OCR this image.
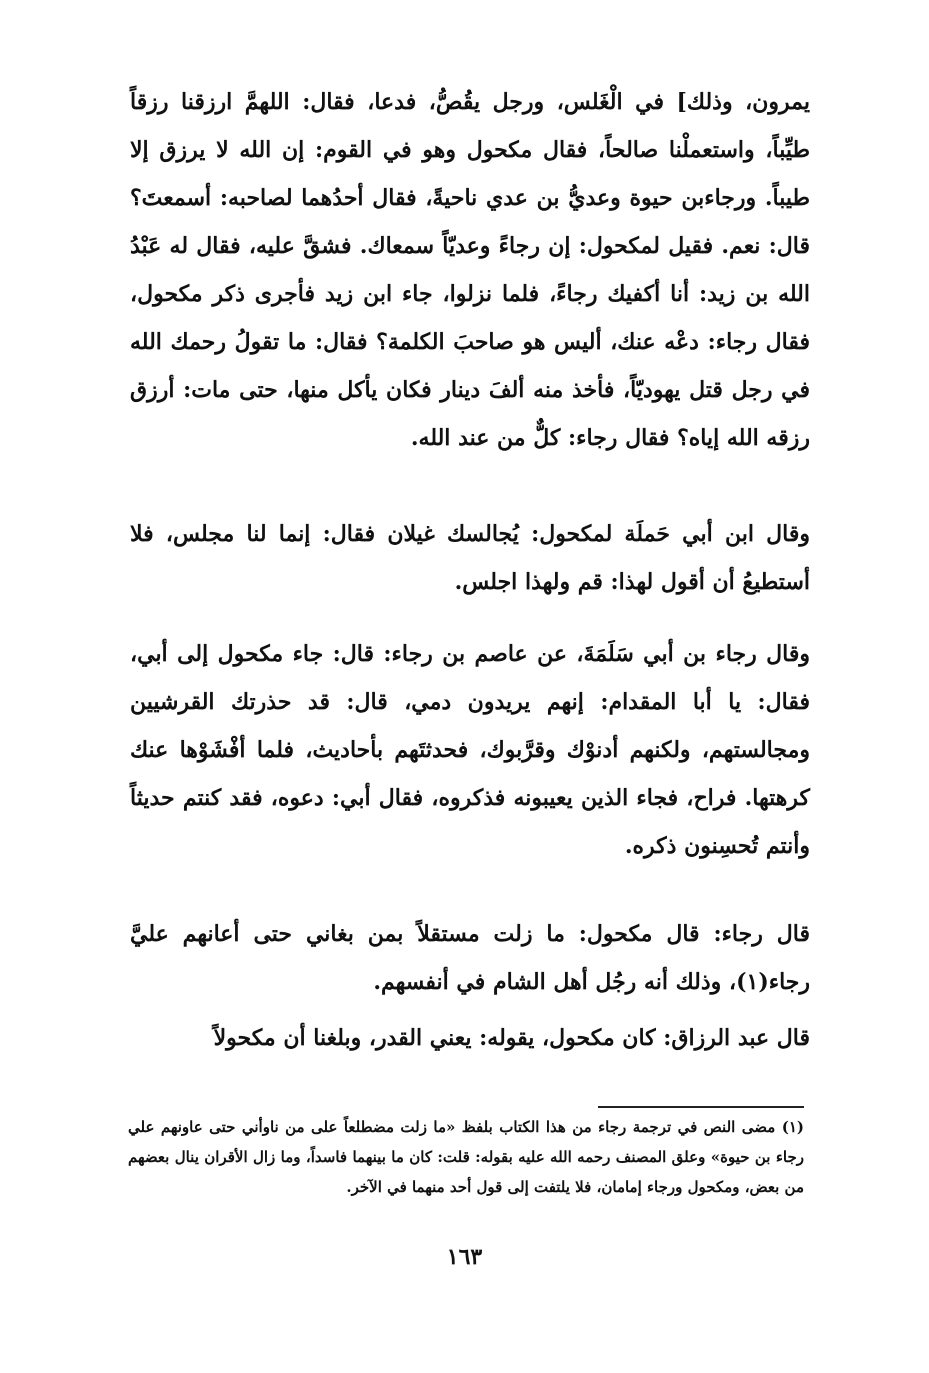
يمرون، وذلك] في الْغَلس، ورجل يقُصُّ، فدعا، فقال: اللهمَّ ارزقنا رزقاً طيِّباً، واستعملْنا صالحاً، فقال مكحول وهو في القوم: إن الله لا يرزق إلا طيباً. ورجاءبن حيوة وعديُّ بن عدي ناحيةً، فقال أحدُهما لصاحبه: أسمعتَ؟ قال: نعم. فقيل لمكحول: إن رجاءً وعديّاً سمعاك. فشقَّ عليه، فقال له عَبْدُ الله بن زيد: أنا أكفيك رجاءً، فلما نزلوا، جاء ابن زيد فأجرى ذكر مكحول، فقال رجاء: دعْه عنك، أليس هو صاحبَ الكلمة؟ فقال: ما تقولُ رحمك الله في رجل قتل يهوديّاً، فأخذ منه ألفَ دينار فكان يأكل منها، حتى مات: أرزق رزقه الله إياه؟ فقال رجاء: كلٌّ من عند الله.

وقال ابن أبي حَملَة لمكحول: يُجالسك غيلان فقال: إنما لنا مجلس، فلا أستطيعُ أن أقول لهذا: قم ولهذا اجلس.

وقال رجاء بن أبي سَلَمَةَ، عن عاصم بن رجاء: قال: جاء مكحول إلى أبي، فقال: يا أبا المقدام: إنهم يريدون دمي، قال: قد حذرتك القرشيين ومجالستهم، ولكنهم أدنوْك وقرَّبوك، فحدثتَهم بأحاديث، فلما أفْشَوْها عنك كرهتها. فراح، فجاء الذين يعيبونه فذكروه، فقال أبي: دعوه، فقد كنتم حديثاً وأنتم تُحسِنون ذكره.

قال رجاء: قال مكحول: ما زلت مستقلاً بمن بغاني حتى أعانهم عليَّ رجاء(١)، وذلك أنه رجُل أهل الشام في أنفسهم.

قال عبد الرزاق: كان مكحول، يقوله: يعني القدر، وبلغنا أن مكحولاً

(١) مضى النص في ترجمة رجاء من هذا الكتاب بلفظ «ما زلت مضطلعاً على من ناوأني حتى عاونهم علي رجاء بن حيوة» وعلق المصنف رحمه الله عليه بقوله: قلت: كان ما بينهما فاسداً، وما زال الأقران ينال بعضهم من بعض، ومكحول ورجاء إمامان، فلا يلتفت إلى قول أحد منهما في الآخر.

١٦٣
